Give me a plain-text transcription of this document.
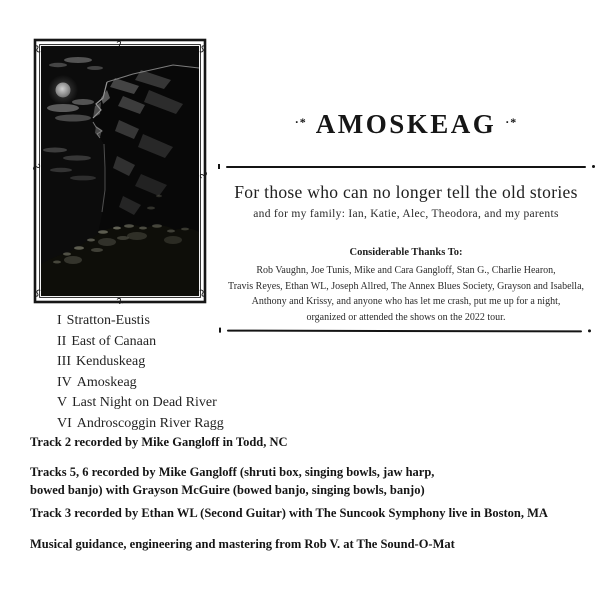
·* AMOSKEAG ·*

For those who can no longer tell the old stories

and for my family: Ian, Katie, Alec, Theodora, and my parents

Considerable Thanks To:

Rob Vaughn, Joe Tunis, Mike and Cara Gangloff, Stan G., Charlie Hearon,
Travis Reyes, Ethan WL, Joseph Allred, The Annex Blues Society, Grayson and Isabella,
Anthony and Krissy, and anyone who has let me crash, put me up for a night,
organized or attended the shows on the 2022 tour.
I Stratton-Eustis
II East of Canaan
III Kenduskeag
IV Amoskeag
V Last Night on Dead River
VI Androscoggin River Ragg

Track 2 recorded by Mike Gangloff in Todd, NC

Tracks 5, 6 recorded by Mike Gangloff (shruti box, singing bowls, jaw harp,
bowed banjo) with Grayson McGuire (bowed banjo, singing bowls, banjo)

Track 3 recorded by Ethan WL (Second Guitar) with The Suncook Symphony live in Boston, MA

Musical guidance, engineering and mastering from Rob V. at The Sound-O-Mat
